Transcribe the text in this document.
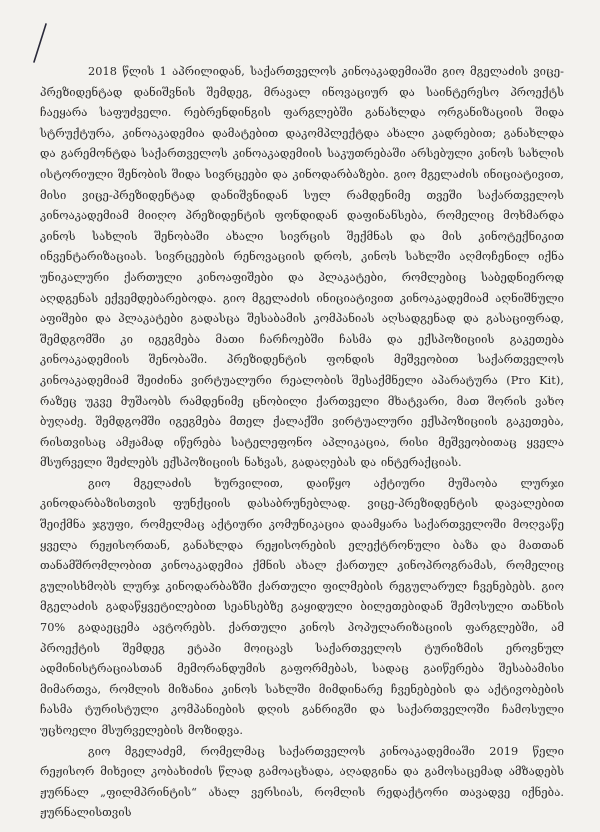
2018 წლის 1 აპრილიდან, საქართველოს კინოაკადემიაში გიო მგელაძის ვიცე-პრეზიდენტად დანიშვნის შემდეგ, მრავალ ინოვაციურ და საინტერესო პროექტს ჩაეყარა საფუძველი. რებრენდინგის ფარგლებში განახლდა ორგანიზაციის შიდა სტრუქტურა, კინოაკადემია დამატებით დაკომპლექტდა ახალი კადრებით; განახლდა და გარემონტდა საქართველოს კინოაკადემიის საკუთრებაში არსებული კინოს სახლის ისტორიული შენობის შიდა სივრცეები და კინოდარბაზები. გიო მგელაძის ინიციატივით, მისი ვიცე-პრეზიდენტად დანიშვნიდან სულ რამდენიმე თვეში საქართველოს კინოაკადემიამ მიიღო პრეზიდენტის ფონდიდან დაფინანსება, რომელიც მოხმარდა კინოს სახლის შენობაში ახალი სივრცის შექმნას და მის კინოტექნიკით ინვენტარიზაციას. სივრცეების რენოვაციის დროს, კინოს სახლში აღმოჩენილ იქნა უნიკალური ქართული კინოაფიშები და პლაკატები, რომლებიც საბედნიეროდ აღდგენას ექვემდებარებოდა. გიო მგელაძის ინიციატივით კინოაკადემიამ აღნიშნული აფიშები და პლაკატები გადასცა შესაბამის კომპანიას აღსადგენად და გასაციფრად, შემდგომში კი იგეგმება მათი ჩარჩოებში ჩასმა და ექსპოზიციის გაკეთება კინოაკადემიის შენობაში. პრეზიდენტის ფონდის მეშვეობით საქართველოს კინოაკადემიამ შეიძინა ვირტუალური რეალობის შესაქმნელი აპარატურა (Pro Kit), რაზეც უკვე მუშაობს რამდენიმე ცნობილი ქართველი მხატვარი, მათ შორის ვახო ბუღაძე. შემდგომში იგეგმება მთელ ქალაქში ვირტუალური ექსპოზიციის გაკეთება, რისთვისაც ამჟამად იწერება სატელეფონო აპლიკაცია, რისი მეშვეობითაც ყველა მსურველი შეძლებს ექსპოზიციის ნახვას, გადაღებას და ინტერაქციას.

გიო მგელაძის ხურვილით, დაიწყო აქტიური მუშაობა ლურჯი კინოდარბაზისთვის ფუნქციის დასაბრუნებლად. ვიცე-პრეზიდენტის დავალებით შეიქმნა ჯგუფი, რომელმაც აქტიური კომუნიკაცია დაამყარა საქართველოში მოღვაწე ყველა რეჟისორთან, განახლდა რეჟისორების ელექტრონული ბაზა და მათთან თანამშრომლობით კინოაკადემია ქმნის ახალ ქართულ კინოპროგრამას, რომელიც გულისხმობს ლურჯ კინოდარბაზში ქართული ფილმების რეგულარულ ჩვენებებს. გიო მგელაძის გადაწყვეტილებით სეანსებზე გაყიდული ბილეთებიდან შემოსული თანხის 70% გადაეცემა ავტორებს. ქართული კინოს პოპულარიზაციის ფარგლებში, ამ პროექტის შემდეგ ეტაპი მოიცავს საქართველოს ტურიზმის ეროვნულ ადმინისტრაციასთან მემორანდუმის გაფორმებას, სადაც გაიწერება შესაბამისი მიმართვა, რომლის მიზანია კინოს სახლში მიმდინარე ჩვენებების და აქტივობების ჩასმა ტურისტული კომპანიების დღის განრიგში და საქართველოში ჩამოსული უცხოელი მსურველების მოზიდვა.

გიო მგელაძემ, რომელმაც საქართველოს კინოაკადემიაში 2019 წელი რეჟისორ მიხეილ კობახიძის წლად გამოაცხადა, აღადგინა და გამოსაცემად ამზადებს ჟურნალ „ფილმპრინტის“ ახალ ვერსიას, რომლის რედაქტორი თავადვე იქნება. ჟურნალისთვის
